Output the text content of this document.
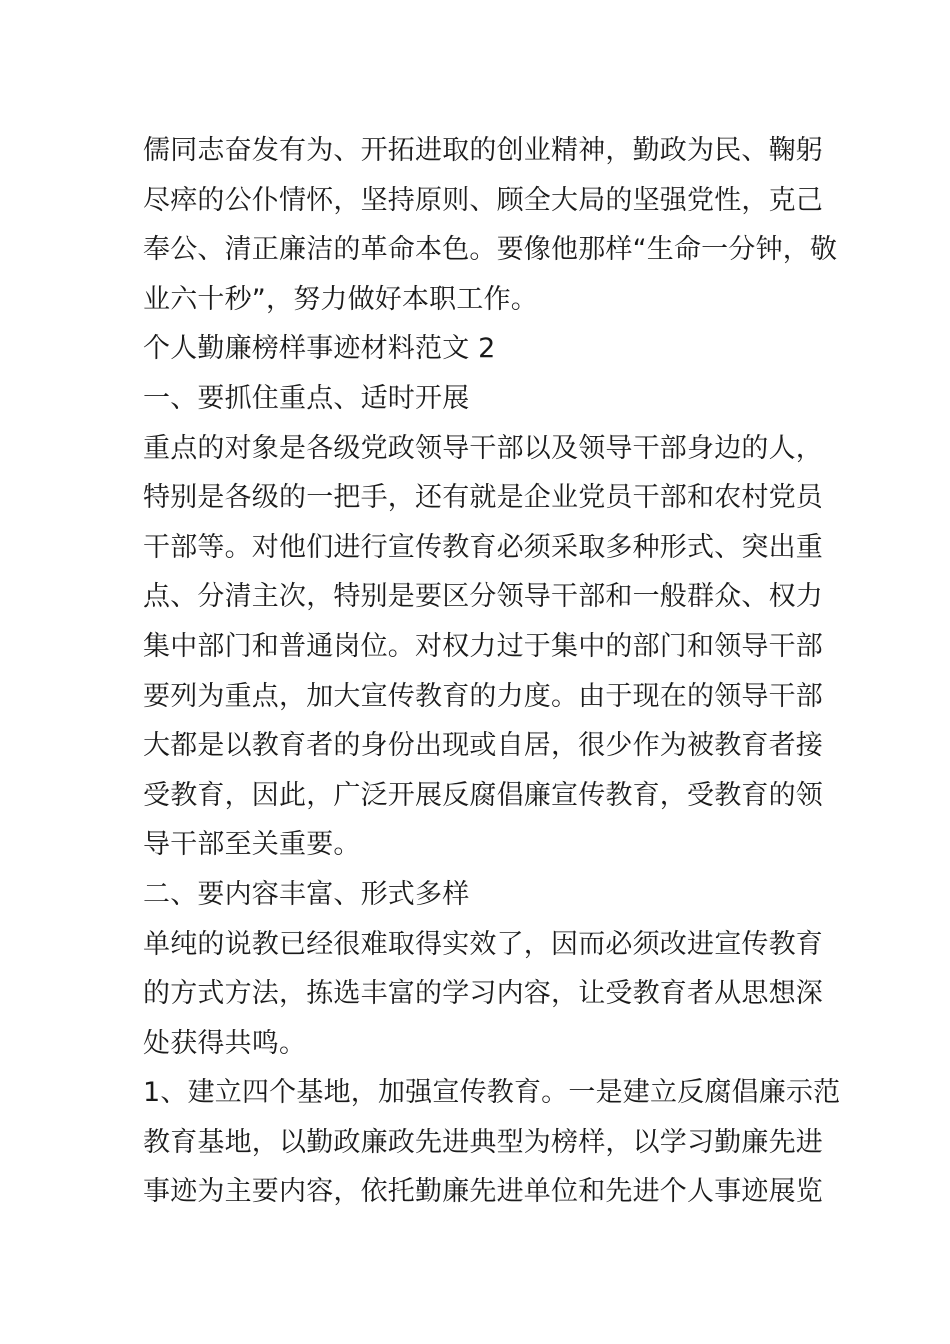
儒同志奋发有为、开拓进取的创业精神，勤政为民、鞠躬
尽瘁的公仆情怀，坚持原则、顾全大局的坚强党性，克己
奉公、清正廉洁的革命本色。要像他那样“生命一分钟，敬
业六十秒”，努力做好本职工作。
个人勤廉榜样事迹材料范文 2
一、要抓住重点、适时开展
重点的对象是各级党政领导干部以及领导干部身边的人，
特别是各级的一把手，还有就是企业党员干部和农村党员
干部等。对他们进行宣传教育必须采取多种形式、突出重
点、分清主次，特别是要区分领导干部和一般群众、权力
集中部门和普通岗位。对权力过于集中的部门和领导干部
要列为重点，加大宣传教育的力度。由于现在的领导干部
大都是以教育者的身份出现或自居，很少作为被教育者接
受教育，因此，广泛开展反腐倡廉宣传教育，受教育的领
导干部至关重要。
二、要内容丰富、形式多样
单纯的说教已经很难取得实效了，因而必须改进宣传教育
的方式方法，拣选丰富的学习内容，让受教育者从思想深
处获得共鸣。
1、建立四个基地，加强宣传教育。一是建立反腐倡廉示范
教育基地，以勤政廉政先进典型为榜样，以学习勤廉先进
事迹为主要内容，依托勤廉先进单位和先进个人事迹展览
